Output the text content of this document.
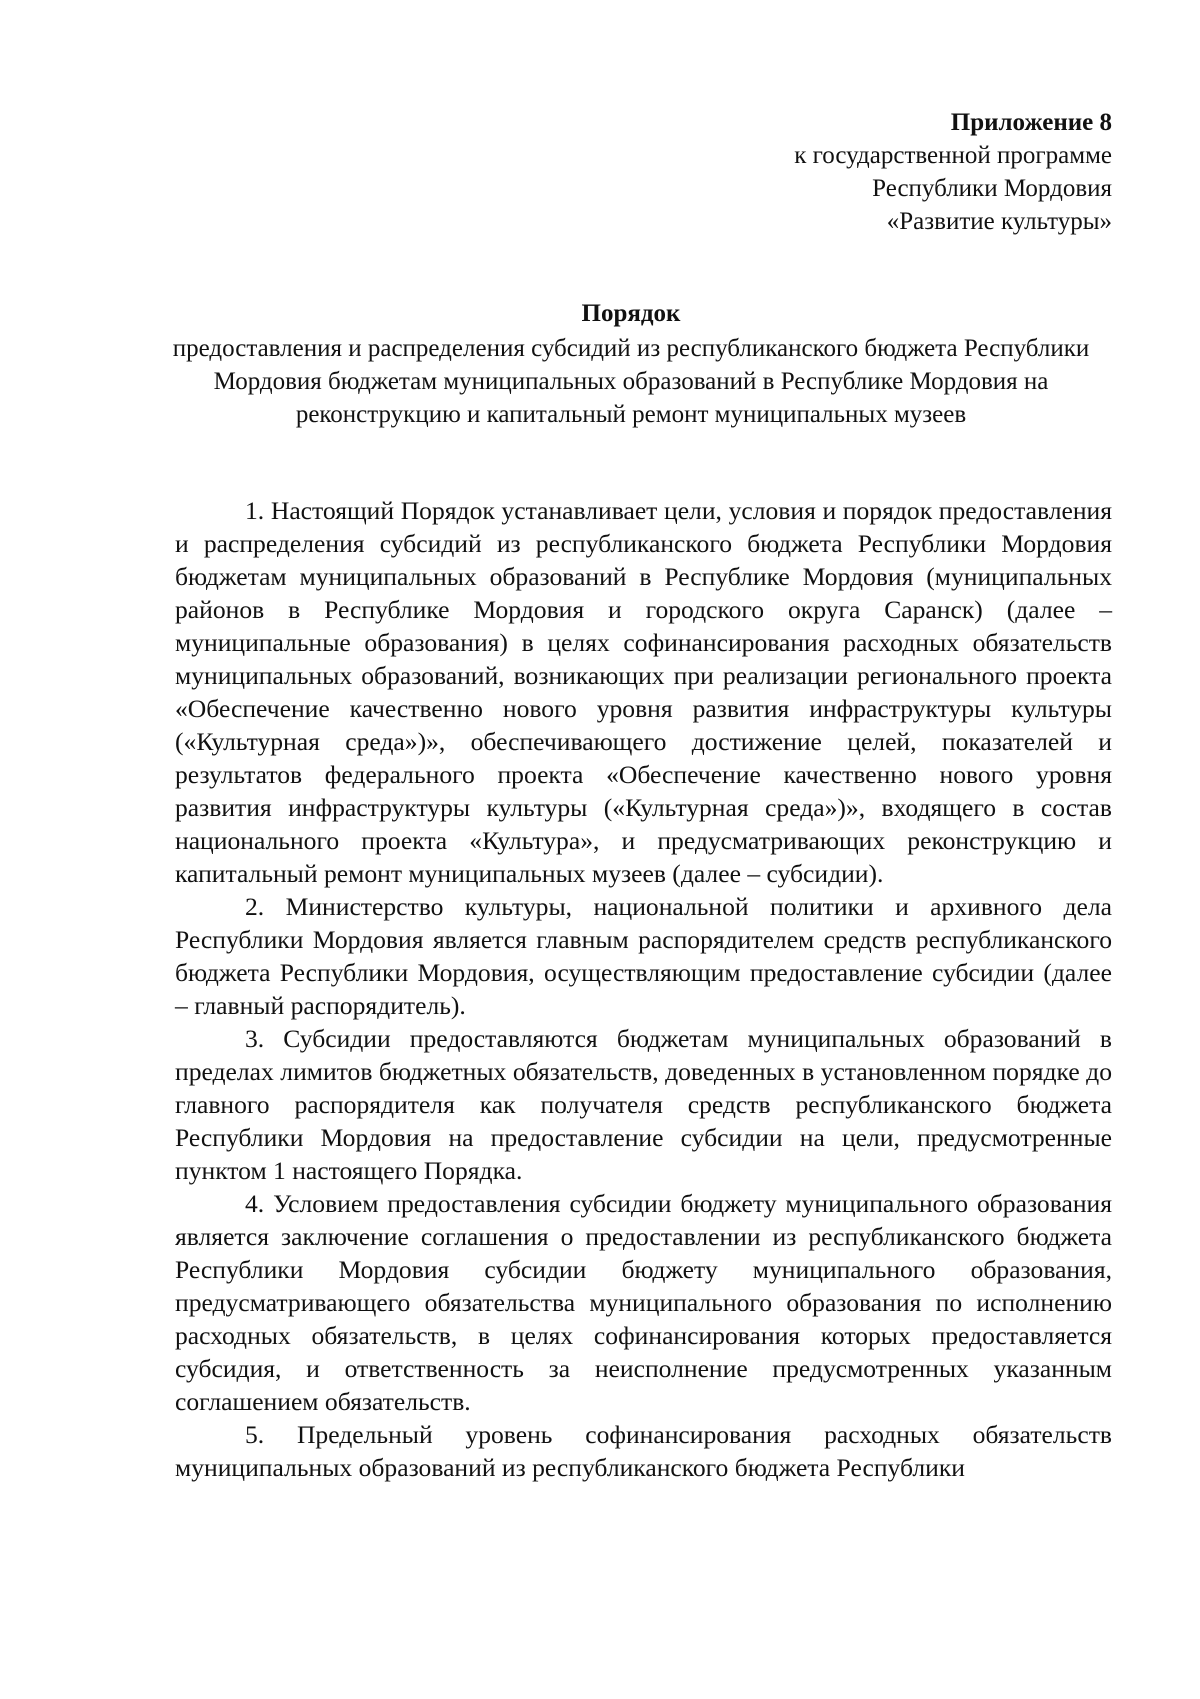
Приложение 8
к государственной программе
Республики Мордовия
«Развитие культуры»
Порядок
предоставления и распределения субсидий из республиканского бюджета Республики Мордовия бюджетам муниципальных образований в Республике Мордовия на реконструкцию и капитальный ремонт муниципальных музеев

1. Настоящий Порядок устанавливает цели, условия и порядок предоставления и распределения субсидий из республиканского бюджета Республики Мордовия бюджетам муниципальных образований в Республике Мордовия (муниципальных районов в Республике Мордовия и городского округа Саранск) (далее – муниципальные образования) в целях софинансирования расходных обязательств муниципальных образований, возникающих при реализации регионального проекта «Обеспечение качественно нового уровня развития инфраструктуры культуры («Культурная среда»)», обеспечивающего достижение целей, показателей и результатов федерального проекта «Обеспечение качественно нового уровня развития инфраструктуры культуры («Культурная среда»)», входящего в состав национального проекта «Культура», и предусматривающих реконструкцию и капитальный ремонт муниципальных музеев (далее – субсидии).

2. Министерство культуры, национальной политики и архивного дела Республики Мордовия является главным распорядителем средств республиканского бюджета Республики Мордовия, осуществляющим предоставление субсидии (далее – главный распорядитель).

3. Субсидии предоставляются бюджетам муниципальных образований в пределах лимитов бюджетных обязательств, доведенных в установленном порядке до главного распорядителя как получателя средств республиканского бюджета Республики Мордовия на предоставление субсидии на цели, предусмотренные пунктом 1 настоящего Порядка.

4. Условием предоставления субсидии бюджету муниципального образования является заключение соглашения о предоставлении из республиканского бюджета Республики Мордовия субсидии бюджету муниципального образования, предусматривающего обязательства муниципального образования по исполнению расходных обязательств, в целях софинансирования которых предоставляется субсидия, и ответственность за неисполнение предусмотренных указанным соглашением обязательств.

5. Предельный уровень софинансирования расходных обязательств муниципальных образований из республиканского бюджета Республики
